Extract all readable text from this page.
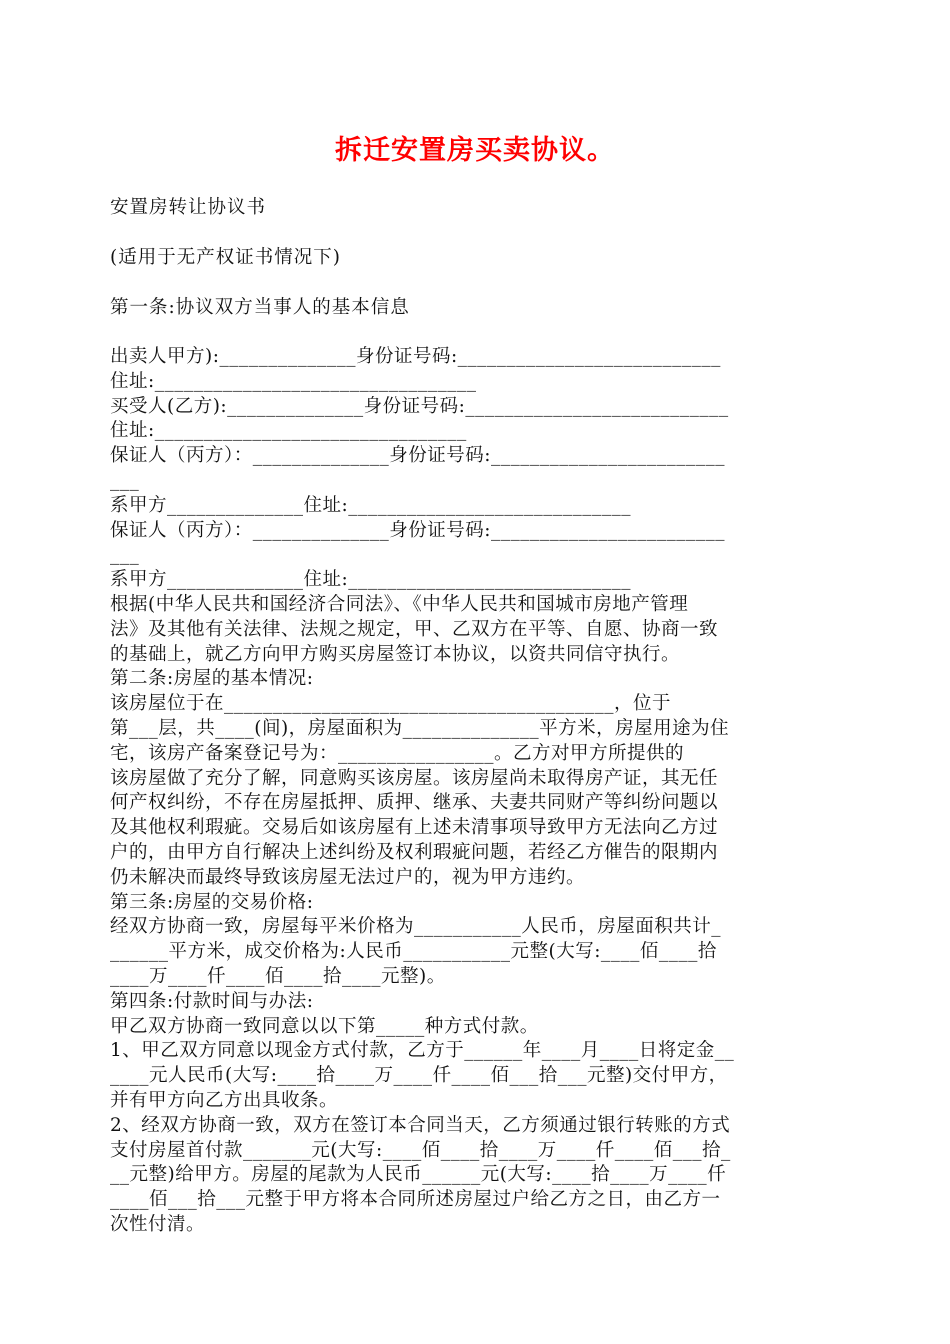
拆迁安置房买卖协议。
安置房转让协议书
(适用于无产权证书情况下)
第一条:协议双方当事人的基本信息

出卖人甲方):______________身份证号码:___________________________

住址:_________________________________

买受人(乙方):______________身份证号码:___________________________

住址:________________________________

保证人（丙方）：______________身份证号码:________________________

___

系甲方______________住址:_____________________________

保证人（丙方）：______________身份证号码:________________________

___

系甲方______________住址:_____________________________

根据(中华人民共和国经济合同法》、《中华人民共和国城市房地产管理

法》及其他有关法律、法规之规定，甲、乙双方在平等、自愿、协商一致

的基础上，就乙方向甲方购买房屋签订本协议，以资共同信守执行。

第二条:房屋的基本情况:

该房屋位于在________________________________________，位于

第___层，共____(间)，房屋面积为______________平方米，房屋用途为住

宅，该房产备案登记号为：________________。乙方对甲方所提供的

该房屋做了充分了解，同意购买该房屋。该房屋尚未取得房产证，其无任

何产权纠纷，不存在房屋抵押、质押、继承、夫妻共同财产等纠纷问题以

及其他权利瑕疵。交易后如该房屋有上述未清事项导致甲方无法向乙方过

户的，由甲方自行解决上述纠纷及权利瑕疵问题，若经乙方催告的限期内

仍未解决而最终导致该房屋无法过户的，视为甲方违约。

第三条:房屋的交易价格:

经双方协商一致，房屋每平米价格为___________人民币，房屋面积共计_

______平方米，成交价格为:人民币___________元整(大写:____佰____拾

____万____仟____佰____拾____元整)。

第四条:付款时间与办法:

甲乙双方协商一致同意以以下第_____种方式付款。

1、甲乙双方同意以现金方式付款，乙方于______年____月____日将定金__

____元人民币(大写:____拾____万____仟____佰___拾___元整)交付甲方，

并有甲方向乙方出具收条。

2、经双方协商一致，双方在签订本合同当天，乙方须通过银行转账的方式

支付房屋首付款_______元(大写:____佰____拾____万____仟____佰___拾_

__元整)给甲方。房屋的尾款为人民币______元(大写:____拾____万____仟

____佰___拾___元整于甲方将本合同所述房屋过户给乙方之日，由乙方一

次性付清。
